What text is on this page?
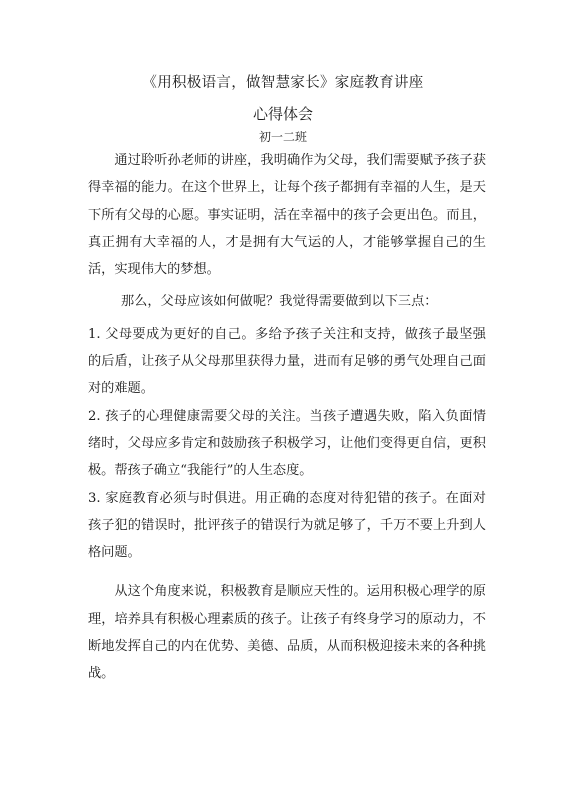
《用积极语言，做智慧家长》家庭教育讲座
心得体会
初一二班

通过聆听孙老师的讲座，我明确作为父母，我们需要赋予孩子获得幸福的能力。在这个世界上，让每个孩子都拥有幸福的人生，是天下所有父母的心愿。事实证明，活在幸福中的孩子会更出色。而且，真正拥有大幸福的人，才是拥有大气运的人，才能够掌握自己的生活，实现伟大的梦想。

那么，父母应该如何做呢？我觉得需要做到以下三点：

1. 父母要成为更好的自己。多给予孩子关注和支持，做孩子最坚强的后盾，让孩子从父母那里获得力量，进而有足够的勇气处理自己面对的难题。

2. 孩子的心理健康需要父母的关注。当孩子遭遇失败，陷入负面情绪时，父母应多肯定和鼓励孩子积极学习，让他们变得更自信，更积极。帮孩子确立“我能行”的人生态度。

3. 家庭教育必须与时俱进。用正确的态度对待犯错的孩子。在面对孩子犯的错误时，批评孩子的错误行为就足够了，千万不要上升到人格问题。

从这个角度来说，积极教育是顺应天性的。运用积极心理学的原理，培养具有积极心理素质的孩子。让孩子有终身学习的原动力，不断地发挥自己的内在优势、美德、品质，从而积极迎接未来的各种挑战。
